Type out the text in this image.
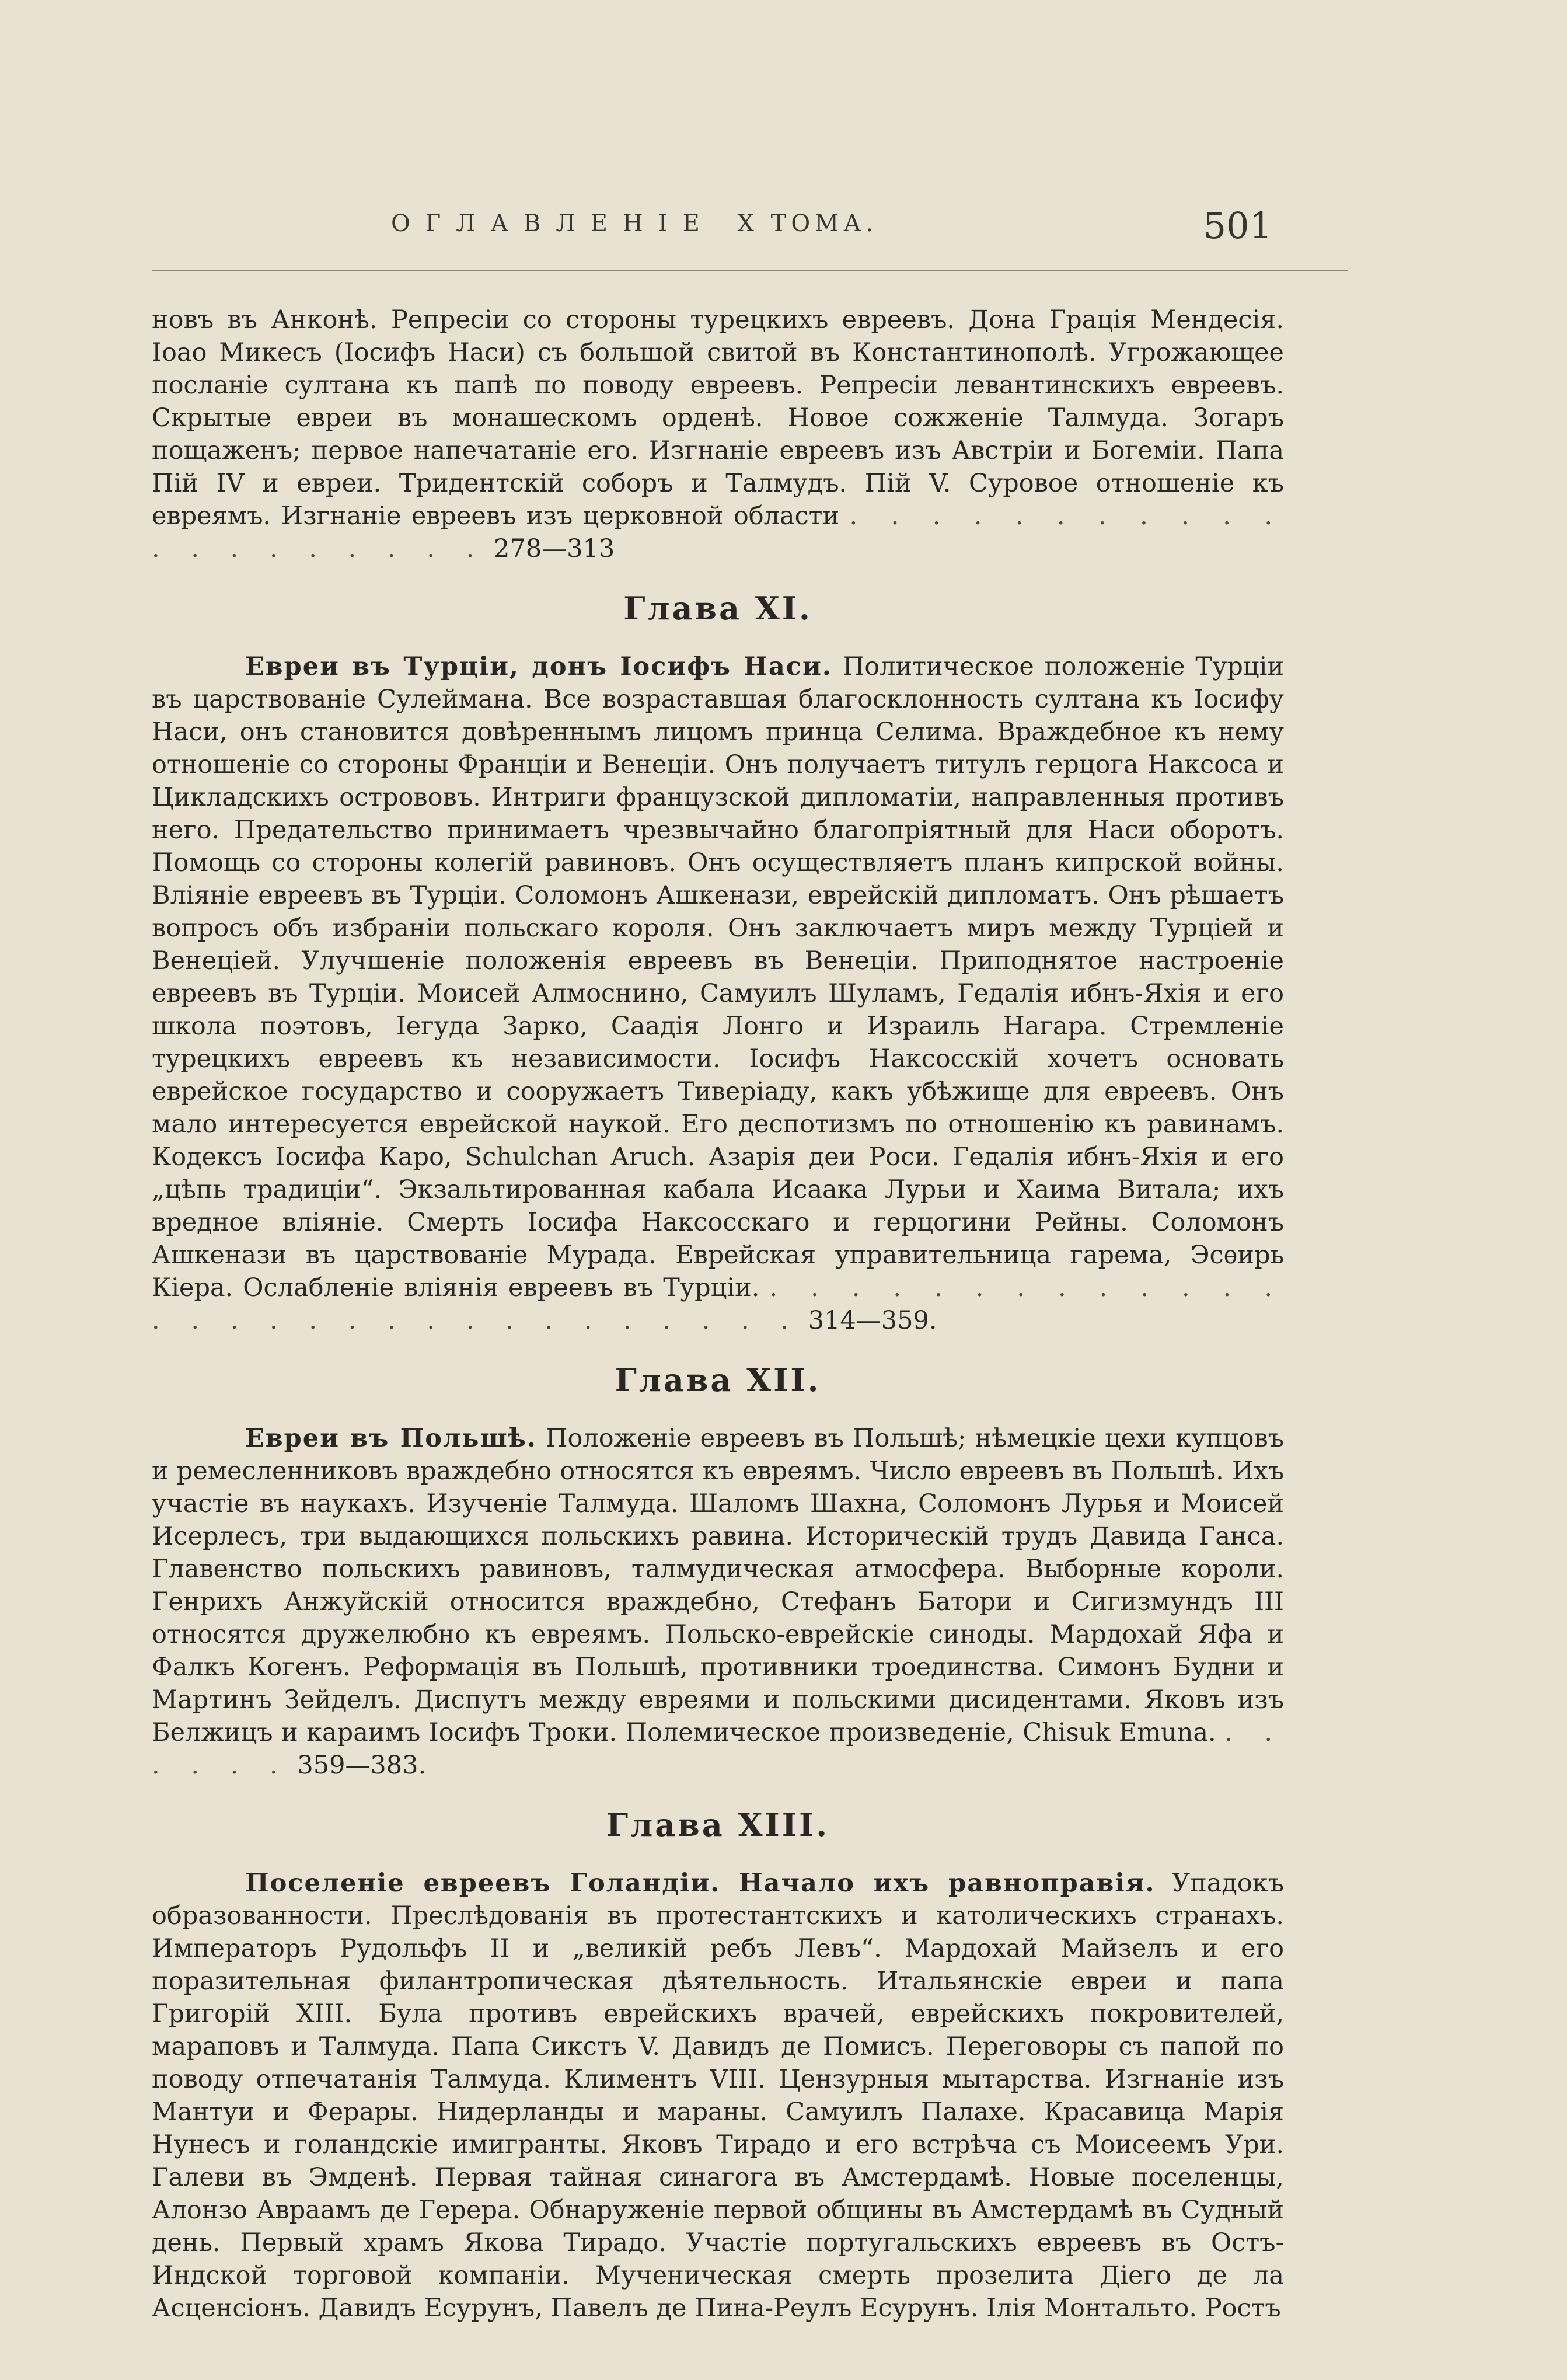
ОГЛАВЛЕНІЕ X ТОМА.	501

новъ въ Анконѣ. Репресіи со стороны турецкихъ евреевъ. Дона Грація Мендесія. Іоао Микесъ (Іосифъ Наси) съ большой свитой въ Константинополѣ. Угрожающее посланіе султана къ папѣ по поводу евреевъ. Репресіи левантинскихъ евреевъ. Скрытые евреи въ монашескомъ орденѣ. Новое сожженіе Талмуда. Зогаръ пощаженъ; первое напечатаніе его. Изгнаніе евреевъ изъ Австріи и Богеміи. Папа Пій IV и евреи. Тридентскій соборъ и Талмудъ. Пій V. Суровое отношеніе къ евреямъ. Изгнаніе евреевъ изъ церковной области . . . . . . . . . . . . . . . . . . . . 278—313

Глава XI.

Евреи въ Турціи, донъ Іосифъ Наси. Политическое положеніе Турціи въ царствованіе Сулеймана. Все возраставшая благосклонность султана къ Іосифу Наси, онъ становится довѣреннымъ лицомъ принца Селима. Враждебное къ нему отношеніе со стороны Франціи и Венеціи. Онъ получаетъ титулъ герцога Наксоса и Цикладскихъ острововъ. Интриги французской дипломатіи, направленныя противъ него. Предательство принимаетъ чрезвычайно благопріятный для Наси оборотъ. Помощь со стороны колегій равиновъ. Онъ осуществляетъ планъ кипрской войны. Вліяніе евреевъ въ Турціи. Соломонъ Ашкенази, еврейскій дипломатъ. Онъ рѣшаетъ вопросъ объ избраніи польскаго короля. Онъ заключаетъ миръ между Турціей и Венеціей. Улучшеніе положенія евреевъ въ Венеціи. Приподнятое настроеніе евреевъ въ Турціи. Моисей Алмоснино, Самуилъ Шуламъ, Гедалія ибнъ-Яхія и его школа поэтовъ, Іегуда Зарко, Саадія Лонго и Израиль Нагара. Стремленіе турецкихъ евреевъ къ независимости. Іосифъ Наксосскій хочетъ основать еврейское государство и сооружаетъ Тиверіаду, какъ убѣжище для евреевъ. Онъ мало интересуется еврейской наукой. Его деспотизмъ по отношенію къ равинамъ. Кодексъ Іосифа Каро, Schulchan Aruch. Азарія деи Роси. Гедалія ибнъ-Яхія и его „цѣпь традиціи“. Экзальтированная кабала Исаака Лурьи и Хаима Витала; ихъ вредное вліяніе. Смерть Іосифа Наксосскаго и герцогини Рейны. Соломонъ Ашкенази въ царствованіе Мурада. Еврейская управительница гарема, Эсѳирь Кіера. Ослабленіе вліянія евреевъ въ Турціи. . . . . . . . . . . . . . . . . . . . . . . . . . . . . . . 314—359.

Глава XII.

Евреи въ Польшѣ. Положеніе евреевъ въ Польшѣ; нѣмецкіе цехи купцовъ и ремесленниковъ враждебно относятся къ евреямъ. Число евреевъ въ Польшѣ. Ихъ участіе въ наукахъ. Изученіе Талмуда. Шаломъ Шахна, Соломонъ Лурья и Моисей Исерлесъ, три выдающихся польскихъ равина. Историческій трудъ Давида Ганса. Главенство польскихъ равиновъ, талмудическая атмосфера. Выборные короли. Генрихъ Анжуйскій относится враждебно, Стефанъ Батори и Сигизмундъ III относятся дружелюбно къ евреямъ. Польско-еврейскіе синоды. Мардохай Яфа и Фалкъ Когенъ. Реформація въ Польшѣ, противники троединства. Симонъ Будни и Мартинъ Зейделъ. Диспутъ между евреями и польскими дисидентами. Яковъ изъ Белжицъ и караимъ Іосифъ Троки. Полемическое произведеніе, Chisuk Emuna. . . . . . . 359—383.

Глава XIII.

Поселеніе евреевъ Голандіи. Начало ихъ равноправія. Упадокъ образованности. Преслѣдованія въ протестантскихъ и католическихъ странахъ. Императоръ Рудольфъ II и „великій ребъ Левъ“. Мардохай Майзелъ и его поразительная филантропическая дѣятельность. Итальянскіе евреи и папа Григорій XIII. Була противъ еврейскихъ врачей, еврейскихъ покровителей, мараповъ и Талмуда. Папа Сикстъ V. Давидъ де Помисъ. Переговоры съ папой по поводу отпечатанія Талмуда. Климентъ VIII. Цензурныя мытарства. Изгнаніе изъ Мантуи и Ферары. Нидерланды и мараны. Самуилъ Палахе. Красавица Марія Нунесъ и голандскіе имигранты. Яковъ Тирадо и его встрѣча съ Моисеемъ Ури. Галеви въ Эмденѣ. Первая тайная синагога въ Амстердамѣ. Новые поселенцы, Алонзо Авраамъ де Герера. Обнаруженіе первой общины въ Амстердамѣ въ Судный день. Первый храмъ Якова Тирадо. Участіе португальскихъ евреевъ въ Остъ-Индской торговой компаніи. Мученическая смерть прозелита Діего де ла Асценсіонъ. Давидъ Есурунъ, Павелъ де Пина-Реулъ Есурунъ. Ілія Монтальто. Ростъ
